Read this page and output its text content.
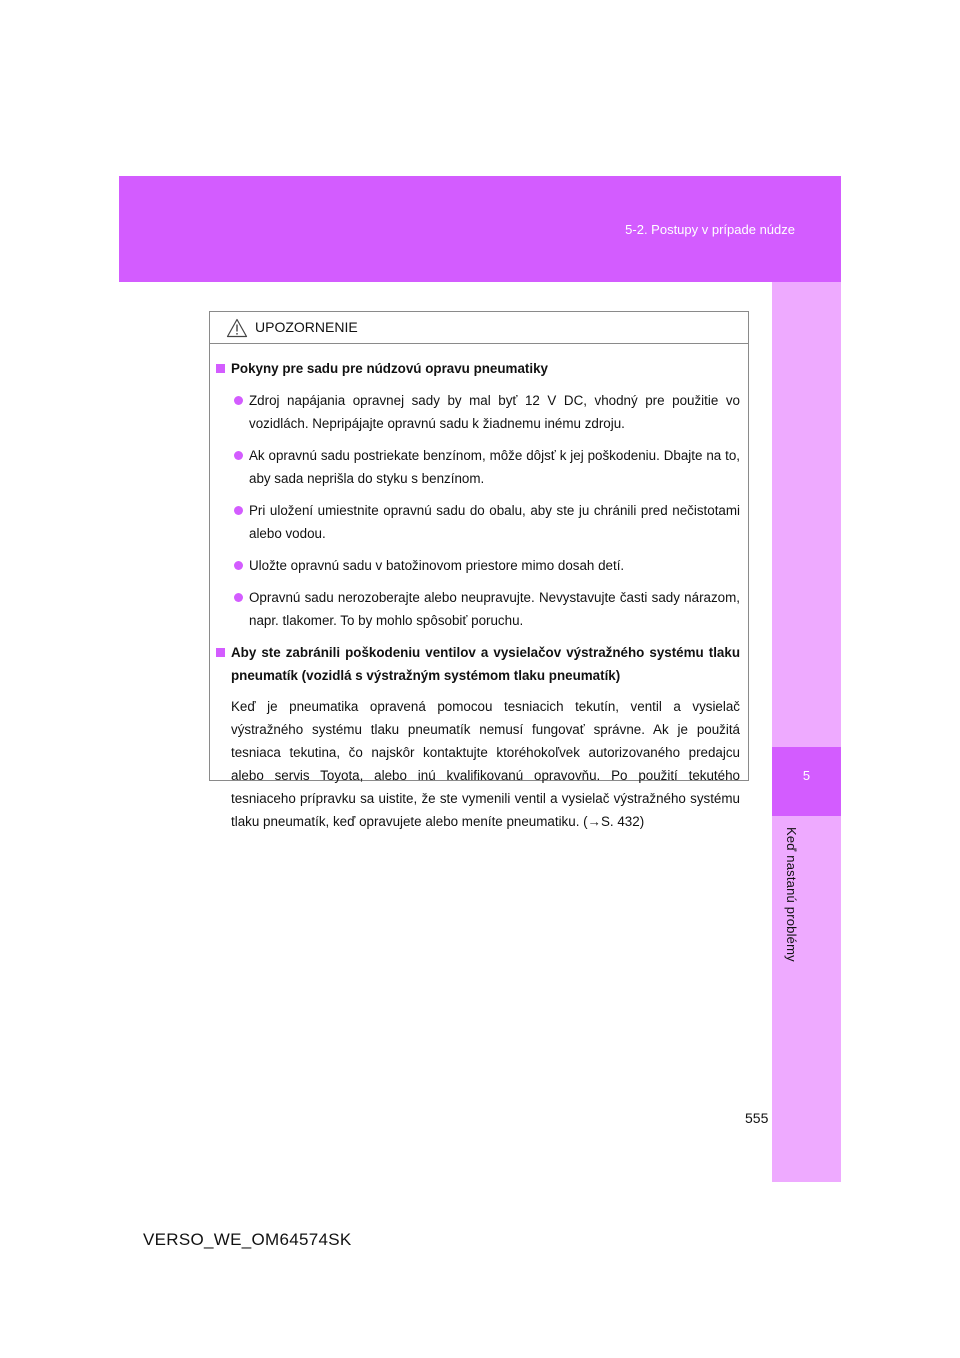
5-2. Postupy v prípade núdze
5
Keď nastanú problémy
UPOZORNENIE
Pokyny pre sadu pre núdzovú opravu pneumatiky
Zdroj napájania opravnej sady by mal byť 12 V DC, vhodný pre použitie vo vozidlách. Nepripájajte opravnú sadu k žiadnemu inému zdroju.
Ak opravnú sadu postriekate benzínom, môže dôjsť k jej poškodeniu. Dbajte na to, aby sada neprišla do styku s benzínom.
Pri uložení umiestnite opravnú sadu do obalu, aby ste ju chránili pred nečistotami alebo vodou.
Uložte opravnú sadu v batožinovom priestore mimo dosah detí.
Opravnú sadu nerozoberajte alebo neupravujte. Nevystavujte časti sady nárazom, napr. tlakomer. To by mohlo spôsobiť poruchu.
Aby ste zabránili poškodeniu ventilov a vysielačov výstražného systému tlaku pneumatík (vozidlá s výstražným systémom tlaku pneumatík)
Keď je pneumatika opravená pomocou tesniacich tekutín, ventil a vysielač výstražného systému tlaku pneumatík nemusí fungovať správne. Ak je použitá tesniaca tekutina, čo najskôr kontaktujte ktoréhokoľvek autorizovaného predajcu alebo servis Toyota, alebo inú kvalifikovanú opravovňu. Po použití tekutého tesniaceho prípravku sa uistite, že ste vymenili ventil a vysielač výstražného systému tlaku pneumatík, keď opravujete alebo meníte pneumatiku. (→S. 432)
555
VERSO_WE_OM64574SK
